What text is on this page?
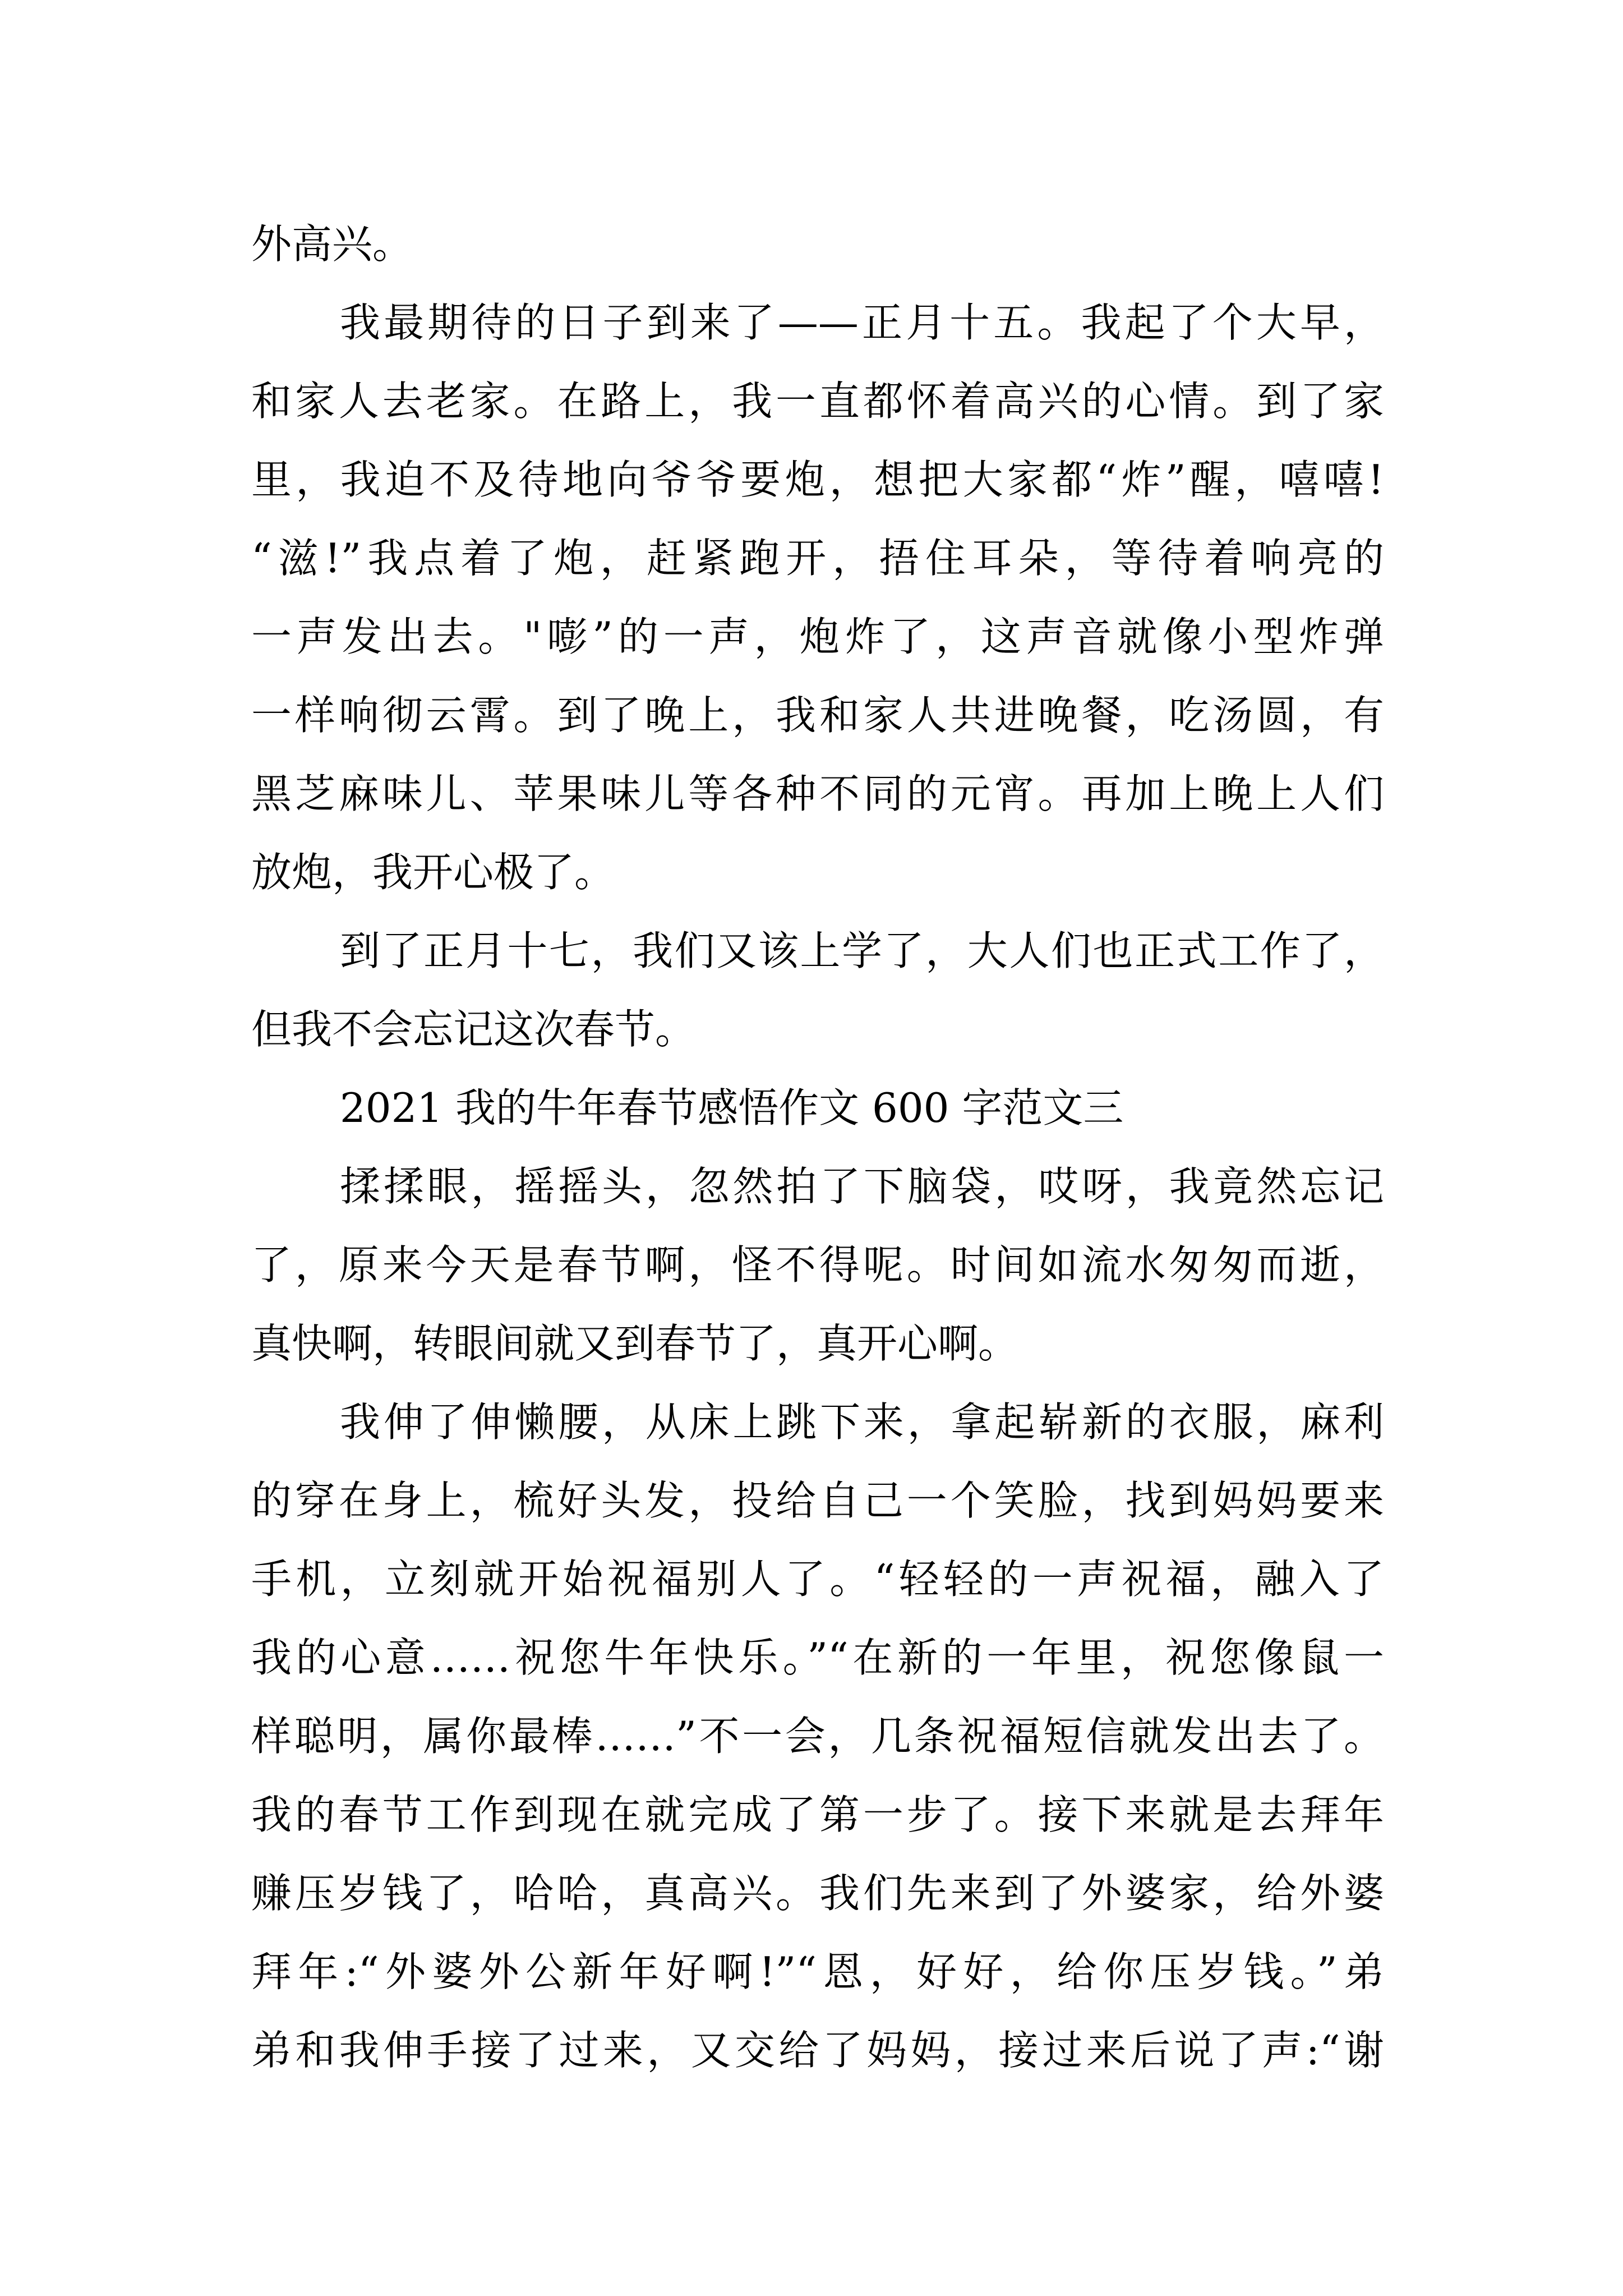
外高兴。
我最期待的日子到来了——正月十五。我起了个大早，
和家人去老家。在路上，我一直都怀着高兴的心情。到了家
里，我迫不及待地向爷爷要炮，想把大家都“炸”醒，嘻嘻!
“滋!”我点着了炮，赶紧跑开，捂住耳朵，等待着响亮的
一声发出去。"嘭”的一声，炮炸了，这声音就像小型炸弹
一样响彻云霄。到了晚上，我和家人共进晚餐，吃汤圆，有
黑芝麻味儿、苹果味儿等各种不同的元宵。再加上晚上人们
放炮，我开心极了。
到了正月十七，我们又该上学了，大人们也正式工作了，
但我不会忘记这次春节。
2021 我的牛年春节感悟作文 600 字范文三
揉揉眼，摇摇头，忽然拍了下脑袋，哎呀，我竟然忘记
了，原来今天是春节啊，怪不得呢。时间如流水匆匆而逝，
真快啊，转眼间就又到春节了，真开心啊。
我伸了伸懒腰，从床上跳下来，拿起崭新的衣服，麻利
的穿在身上，梳好头发，投给自己一个笑脸，找到妈妈要来
手机，立刻就开始祝福别人了。“轻轻的一声祝福，融入了
我的心意……祝您牛年快乐。”“在新的一年里，祝您像鼠一
样聪明，属你最棒……”不一会，几条祝福短信就发出去了。
我的春节工作到现在就完成了第一步了。接下来就是去拜年
赚压岁钱了，哈哈，真高兴。我们先来到了外婆家，给外婆
拜年:“外婆外公新年好啊!”“恩，好好，给你压岁钱。”弟
弟和我伸手接了过来，又交给了妈妈，接过来后说了声:“谢
